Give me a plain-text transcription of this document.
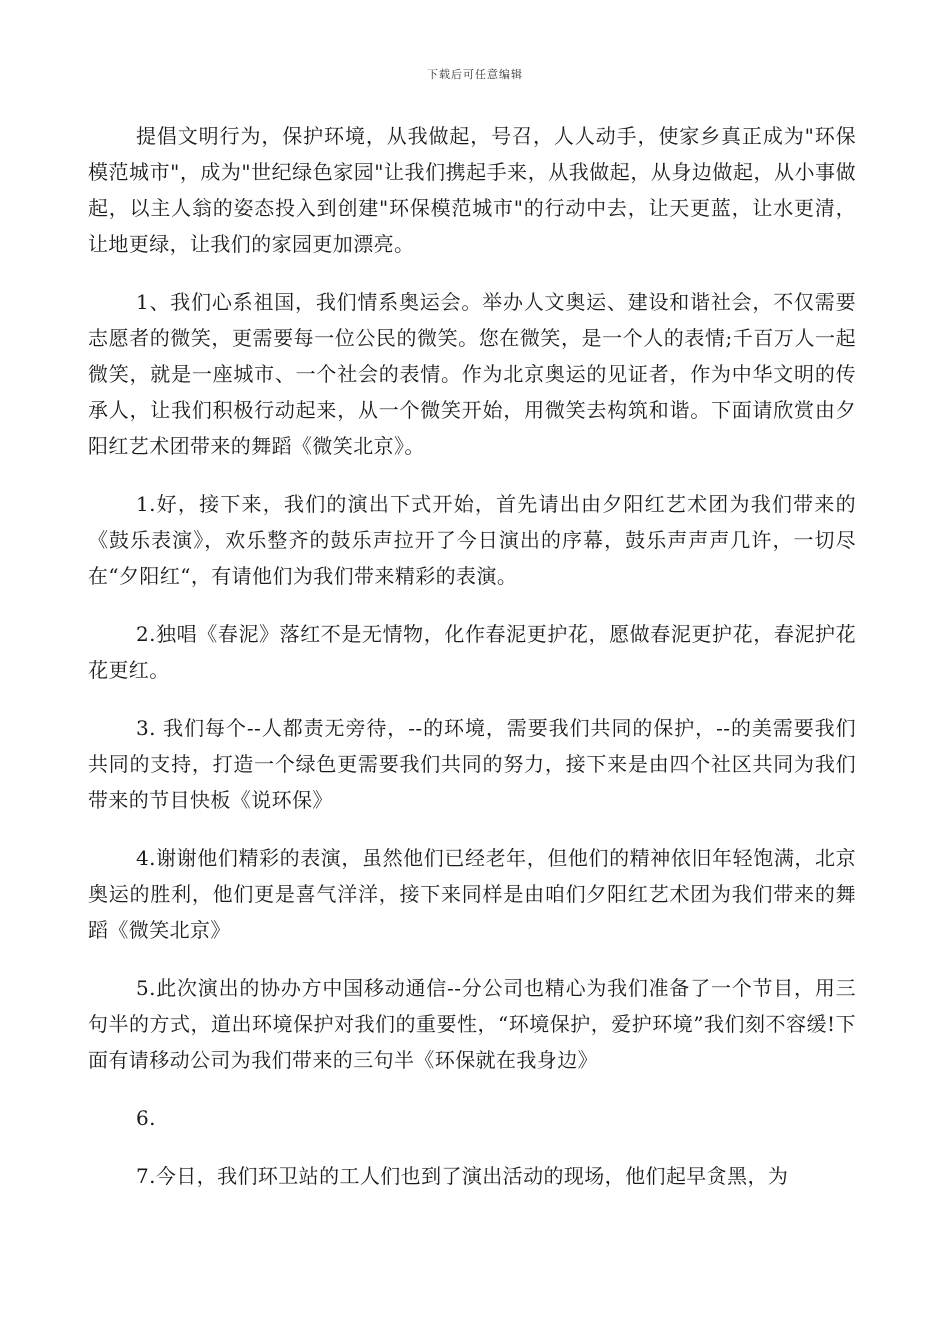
下载后可任意编辑

提倡文明行为，保护环境，从我做起，号召，人人动手，使家乡真正成为"环保模范城市"，成为"世纪绿色家园"让我们携起手来，从我做起，从身边做起，从小事做起，以主人翁的姿态投入到创建"环保模范城市"的行动中去，让天更蓝，让水更清，让地更绿，让我们的家园更加漂亮。

1、我们心系祖国，我们情系奥运会。举办人文奥运、建设和谐社会，不仅需要志愿者的微笑，更需要每一位公民的微笑。您在微笑，是一个人的表情;千百万人一起微笑，就是一座城市、一个社会的表情。作为北京奥运的见证者，作为中华文明的传承人，让我们积极行动起来，从一个微笑开始，用微笑去构筑和谐。下面请欣赏由夕阳红艺术团带来的舞蹈《微笑北京》。

1.好，接下来，我们的演出下式开始，首先请出由夕阳红艺术团为我们带来的《鼓乐表演》，欢乐整齐的鼓乐声拉开了今日演出的序幕，鼓乐声声声几许，一切尽在“夕阳红“，有请他们为我们带来精彩的表演。

2.独唱《春泥》落红不是无情物，化作春泥更护花，愿做春泥更护花，春泥护花花更红。

3. 我们每个--人都责无旁待，--的环境，需要我们共同的保护，--的美需要我们共同的支持，打造一个绿色更需要我们共同的努力，接下来是由四个社区共同为我们带来的节目快板《说环保》

4.谢谢他们精彩的表演，虽然他们已经老年，但他们的精神依旧年轻饱满，北京奥运的胜利，他们更是喜气洋洋，接下来同样是由咱们夕阳红艺术团为我们带来的舞蹈《微笑北京》

5.此次演出的协办方中国移动通信--分公司也精心为我们准备了一个节目，用三句半的方式，道出环境保护对我们的重要性，“环境保护，爱护环境”我们刻不容缓!下面有请移动公司为我们带来的三句半《环保就在我身边》

6.

7.今日，我们环卫站的工人们也到了演出活动的现场，他们起早贪黑，为
